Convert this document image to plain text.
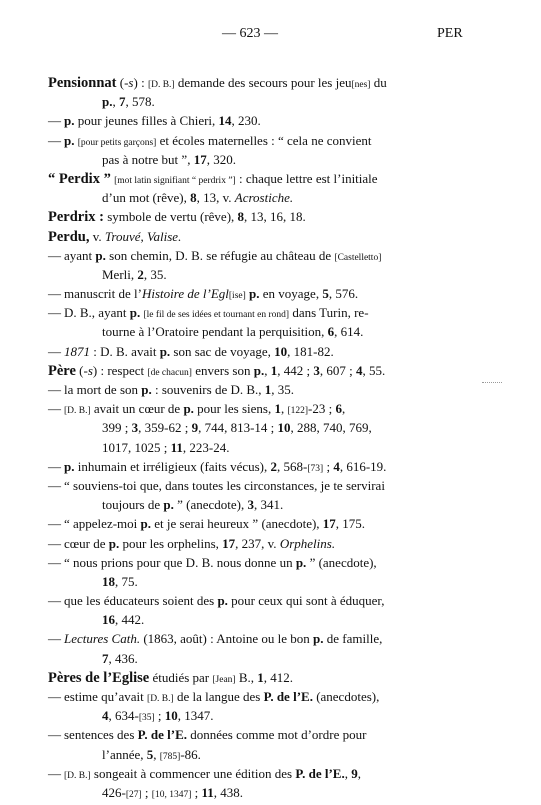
— 623 —	PER
Pensionnat (-s) : [D. B.] demande des secours pour les jeu[nes] du
p., 7, 578.
— p. pour jeunes filles à Chieri, 14, 230.
— p. [pour petits garçons] et écoles maternelles : “ cela ne convient
pas à notre but ”, 17, 320.
“ Perdix ” [mot latin signifiant “ perdrix ”] : chaque lettre est l’initiale
d’un mot (rêve), 8, 13, v. Acrostiche.
Perdrix : symbole de vertu (rêve), 8, 13, 16, 18.
Perdu, v. Trouvé, Valise.
— ayant p. son chemin, D. B. se réfugie au château de [Castelletto]
Merli, 2, 35.
— manuscrit de l’Histoire de l’Egl[ise] p. en voyage, 5, 576.
— D. B., ayant p. [le fil de ses idées et tournant en rond] dans Turin, re-
tourne à l’Oratoire pendant la perquisition, 6, 614.
— 1871 : D. B. avait p. son sac de voyage, 10, 181-82.
Père (-s) : respect [de chacun] envers son p., 1, 442 ; 3, 607 ; 4, 55.
— la mort de son p. : souvenirs de D. B., 1, 35.
— [D. B.] avait un cœur de p. pour les siens, 1, [122]-23 ; 6,
399 ; 3, 359-62 ; 9, 744, 813-14 ; 10, 288, 740, 769,
1017, 1025 ; 11, 223-24.
— p. inhumain et irréligieux (faits vécus), 2, 568-[73] ; 4, 616-19.
— “ souviens-toi que, dans toutes les circonstances, je te servirai
toujours de p. ” (anecdote), 3, 341.
— “ appelez-moi p. et je serai heureux ” (anecdote), 17, 175.
— cœur de p. pour les orphelins, 17, 237, v. Orphelins.
— “ nous prions pour que D. B. nous donne un p. ” (anecdote),
18, 75.
— que les éducateurs soient des p. pour ceux qui sont à éduquer,
16, 442.
— Lectures Cath. (1863, août) : Antoine ou le bon p. de famille,
7, 436.
Pères de l’Eglise étudiés par [Jean] B., 1, 412.
— estime qu’avait [D. B.] de la langue des P. de l’E. (anecdotes),
4, 634-[35] ; 10, 1347.
— sentences des P. de l’E. données comme mot d’ordre pour
l’année, 5, [785]-86.
— [D. B.] songeait à commencer une édition des P. de l’E., 9,
426-[27] ; [10, 1347] ; 11, 438.
